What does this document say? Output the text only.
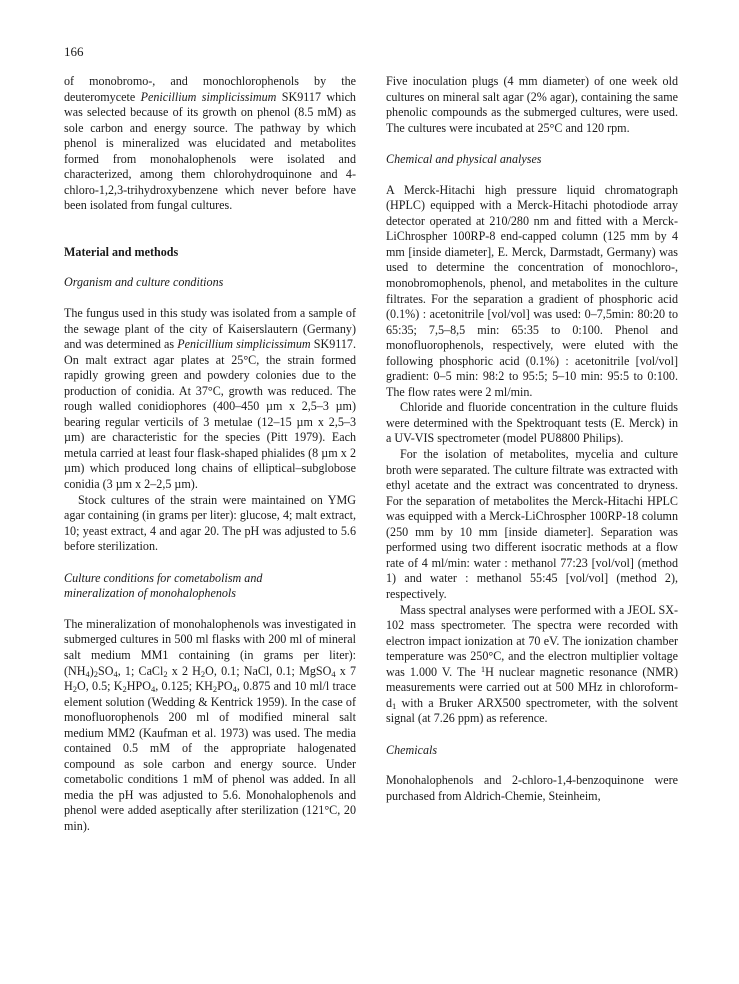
166

of monobromo-, and monochlorophenols by the deuteromycete Penicillium simplicissimum SK9117 which was selected because of its growth on phenol (8.5 mM) as sole carbon and energy source. The pathway by which phenol is mineralized was elucidated and metabolites formed from monohalophenols were isolated and characterized, among them chlorohydroquinone and 4-chloro-1,2,3-trihydroxybenzene which never before have been isolated from fungal cultures.

Material and methods

Organism and culture conditions

The fungus used in this study was isolated from a sample of the sewage plant of the city of Kaiserslautern (Germany) and was determined as Penicillium simplicissimum SK9117. On malt extract agar plates at 25°C, the strain formed rapidly growing green and powdery colonies due to the production of conidia. At 37°C, growth was reduced. The rough walled conidiophores (400–450 µm x 2,5–3 µm) bearing regular verticils of 3 metulae (12–15 µm x 2,5–3 µm) are characteristic for the species (Pitt 1979). Each metula carried at least four flask-shaped phialides (8 µm x 2 µm) which produced long chains of elliptical–subglobose conidia (3 µm x 2–2,5 µm).

Stock cultures of the strain were maintained on YMG agar containing (in grams per liter): glucose, 4; malt extract, 10; yeast extract, 4 and agar 20. The pH was adjusted to 5.6 before sterilization.

Culture conditions for cometabolism and
mineralization of monohalophenols

The mineralization of monohalophenols was investigated in submerged cultures in 500 ml flasks with 200 ml of mineral salt medium MM1 containing (in grams per liter): $(NH_4)_2SO_4$, 1; CaCl$_2$ x 2 $H_2O$, 0.1; NaCl, 0.1; MgSO$_4$ x 7 $H_2O$, 0.5; $K_2HPO_4$, 0.125; $KH_2PO_4$, 0.875 and 10 ml/l trace element solution (Wedding & Kentrick 1959). In the case of monofluorophenols 200 ml of modified mineral salt medium MM2 (Kaufman et al. 1973) was used. The media contained 0.5 mM of the appropriate halogenated compound as sole carbon and energy source. Under cometabolic conditions 1 mM of phenol was added. In all media the pH was adjusted to 5.6. Monohalophenols and phenol were added aseptically after sterilization (121°C, 20 min).

Five inoculation plugs (4 mm diameter) of one week old cultures on mineral salt agar (2% agar), containing the same phenolic compounds as the submerged cultures, were used. The cultures were incubated at 25°C and 120 rpm.

Chemical and physical analyses

A Merck-Hitachi high pressure liquid chromatograph (HPLC) equipped with a Merck-Hitachi photodiode array detector operated at 210/280 nm and fitted with a Merck-LiChrospher 100RP-8 end-capped column (125 mm by 4 mm [inside diameter], E. Merck, Darmstadt, Germany) was used to determine the concentration of monochloro-, monobromophenols, phenol, and metabolites in the culture filtrates. For the separation a gradient of phosphoric acid (0.1%) : acetonitrile [vol/vol] was used: 0–7,5min: 80:20 to 65:35; 7,5–8,5 min: 65:35 to 0:100. Phenol and monofluorophenols, respectively, were eluted with the following phosphoric acid (0.1%) : acetonitrile [vol/vol] gradient: 0–5 min: 98:2 to 95:5; 5–10 min: 95:5 to 0:100. The flow rates were 2 ml/min.

Chloride and fluoride concentration in the culture fluids were determined with the Spektroquant tests (E. Merck) in a UV-VIS spectrometer (model PU8800 Philips).

For the isolation of metabolites, mycelia and culture broth were separated. The culture filtrate was extracted with ethyl acetate and the extract was concentrated to dryness. For the separation of metabolites the Merck-Hitachi HPLC was equipped with a Merck-LiChrospher 100RP-18 column (250 mm by 10 mm [inside diameter]. Separation was performed using two different isocratic methods at a flow rate of 4 ml/min: water : methanol 77:23 [vol/vol] (method 1) and water : methanol 55:45 [vol/vol] (method 2), respectively.

Mass spectral analyses were performed with a JEOL SX-102 mass spectrometer. The spectra were recorded with electron impact ionization at 70 eV. The ionization chamber temperature was 250°C, and the electron multiplier voltage was 1.000 V. The $^1$H nuclear magnetic resonance (NMR) measurements were carried out at 500 MHz in chloroform-$d_1$ with a Bruker ARX500 spectrometer, with the solvent signal (at 7.26 ppm) as reference.

Chemicals

Monohalophenols and 2-chloro-1,4-benzoquinone were purchased from Aldrich-Chemie, Steinheim,
